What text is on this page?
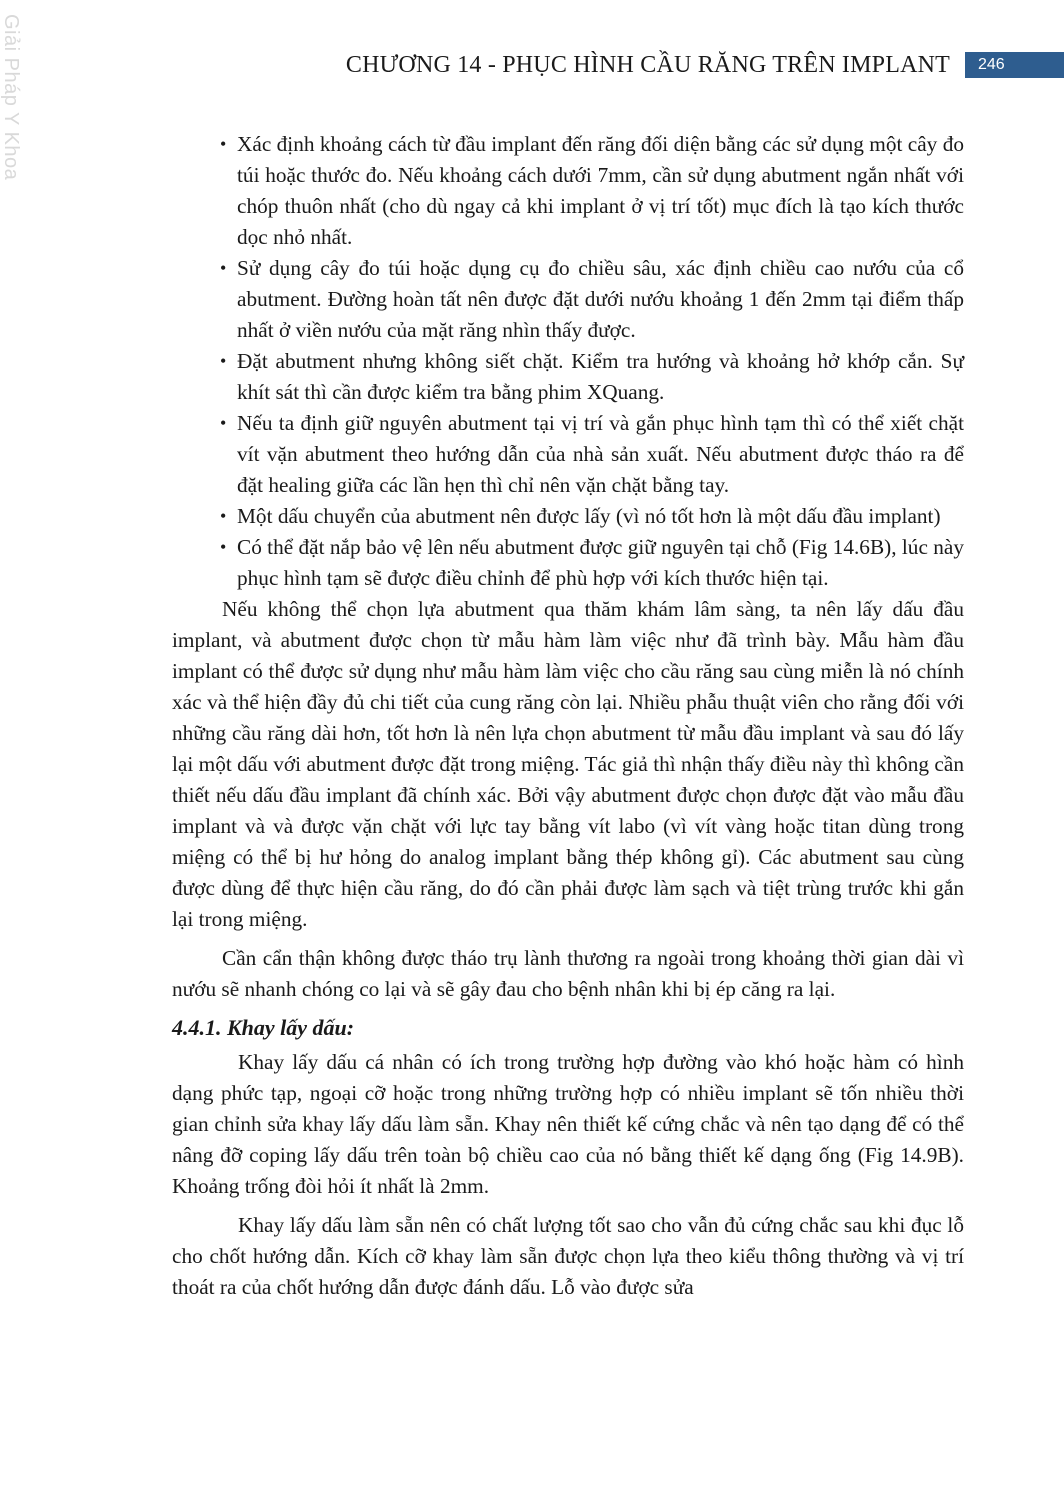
Giải Pháp Y Khoa	CHƯƠNG 14 - PHỤC HÌNH CẦU RĂNG TRÊN IMPLANT	246
• Xác định khoảng cách từ đầu implant đến răng đối diện bằng các sử dụng một cây đo túi hoặc thước đo. Nếu khoảng cách dưới 7mm, cần sử dụng abutment ngắn nhất với chóp thuôn nhất (cho dù ngay cả khi implant ở vị trí tốt) mục đích là tạo kích thước dọc nhỏ nhất.
• Sử dụng cây đo túi hoặc dụng cụ đo chiều sâu, xác định chiều cao nướu của cổ abutment. Đường hoàn tất nên được đặt dưới nướu khoảng 1 đến 2mm tại điểm thấp nhất ở viền nướu của mặt răng nhìn thấy được.
• Đặt abutment nhưng không siết chặt. Kiểm tra hướng và khoảng hở khớp cắn. Sự khít sát thì cần được kiểm tra bằng phim XQuang.
• Nếu ta định giữ nguyên abutment tại vị trí và gắn phục hình tạm thì có thể xiết chặt vít vặn abutment theo hướng dẫn của nhà sản xuất. Nếu abutment được tháo ra để đặt healing giữa các lần hẹn thì chỉ nên vặn chặt bằng tay.
• Một dấu chuyển của abutment nên được lấy (vì nó tốt hơn là một dấu đầu implant)
• Có thể đặt nắp bảo vệ lên nếu abutment được giữ nguyên tại chỗ (Fig 14.6B), lúc này phục hình tạm sẽ được điều chỉnh để phù hợp với kích thước hiện tại.

Nếu không thể chọn lựa abutment qua thăm khám lâm sàng, ta nên lấy dấu đầu implant, và abutment được chọn từ mẫu hàm làm việc như đã trình bày. Mẫu hàm đầu implant có thể được sử dụng như mẫu hàm làm việc cho cầu răng sau cùng miễn là nó chính xác và thể hiện đầy đủ chi tiết của cung răng còn lại. Nhiều phẫu thuật viên cho rằng đối với những cầu răng dài hơn, tốt hơn là nên lựa chọn abutment từ mẫu đầu implant và sau đó lấy lại một dấu với abutment được đặt trong miệng. Tác giả thì nhận thấy điều này thì không cần thiết nếu dấu đầu implant đã chính xác. Bởi vậy abutment được chọn được đặt vào mẫu đầu implant và và được vặn chặt với lực tay bằng vít labo (vì vít vàng hoặc titan dùng trong miệng có thể bị hư hỏng do analog implant bằng thép không gỉ). Các abutment sau cùng được dùng để thực hiện cầu răng, do đó cần phải được làm sạch và tiệt trùng trước khi gắn lại trong miệng.

Cần cẩn thận không được tháo trụ lành thương ra ngoài trong khoảng thời gian dài vì nướu sẽ nhanh chóng co lại và sẽ gây đau cho bệnh nhân khi bị ép căng ra lại.

4.4.1. Khay lấy dấu:

Khay lấy dấu cá nhân có ích trong trường hợp đường vào khó hoặc hàm có hình dạng phức tạp, ngoại cỡ hoặc trong những trường hợp có nhiều implant sẽ tốn nhiều thời gian chỉnh sửa khay lấy dấu làm sẵn. Khay nên thiết kế cứng chắc và nên tạo dạng để có thể nâng đỡ coping lấy dấu trên toàn bộ chiều cao của nó bằng thiết kế dạng ống (Fig 14.9B). Khoảng trống đòi hỏi ít nhất là 2mm.

Khay lấy dấu làm sẵn nên có chất lượng tốt sao cho vẫn đủ cứng chắc sau khi đục lỗ cho chốt hướng dẫn. Kích cỡ khay làm sẵn được chọn lựa theo kiểu thông thường và vị trí thoát ra của chốt hướng dẫn được đánh dấu. Lỗ vào được sửa
